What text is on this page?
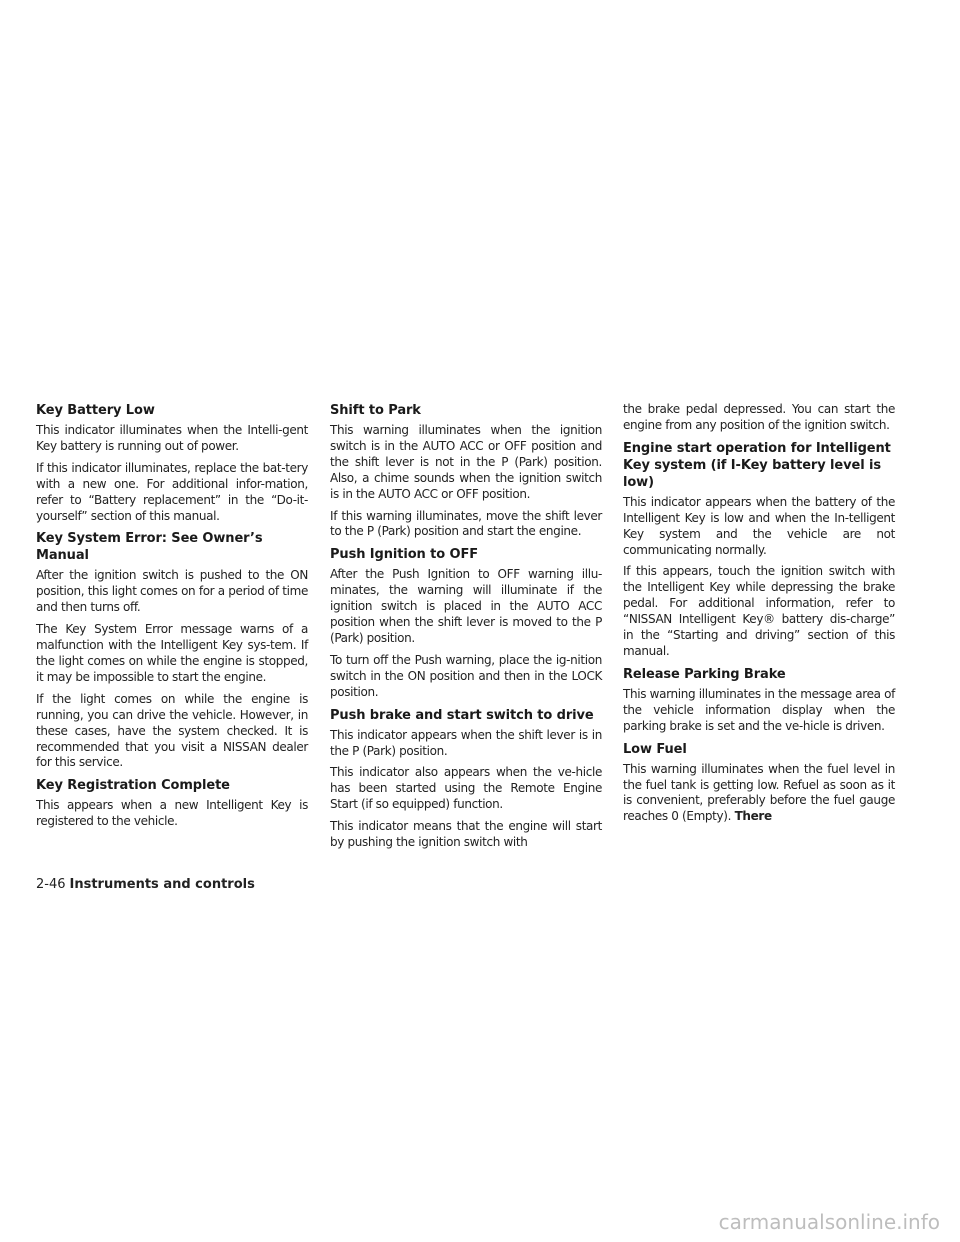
Key Battery Low

This indicator illuminates when the Intelli-gent Key battery is running out of power.

If this indicator illuminates, replace the bat-tery with a new one. For additional infor-mation, refer to “Battery replacement” in the “Do-it-yourself” section of this manual.

Key System Error: See Owner’s Manual

After the ignition switch is pushed to the ON position, this light comes on for a period of time and then turns off.

The Key System Error message warns of a malfunction with the Intelligent Key sys-tem. If the light comes on while the engine is stopped, it may be impossible to start the engine.

If the light comes on while the engine is running, you can drive the vehicle. However, in these cases, have the system checked. It is recommended that you visit a NISSAN dealer for this service.

Key Registration Complete

This appears when a new Intelligent Key is registered to the vehicle.

Shift to Park

This warning illuminates when the ignition switch is in the AUTO ACC or OFF position and the shift lever is not in the P (Park) position. Also, a chime sounds when the ignition switch is in the AUTO ACC or OFF position.

If this warning illuminates, move the shift lever to the P (Park) position and start the engine.

Push Ignition to OFF

After the Push Ignition to OFF warning illu-minates, the warning will illuminate if the ignition switch is placed in the AUTO ACC position when the shift lever is moved to the P (Park) position.

To turn off the Push warning, place the ig-nition switch in the ON position and then in the LOCK position.

Push brake and start switch to drive

This indicator appears when the shift lever is in the P (Park) position.

This indicator also appears when the ve-hicle has been started using the Remote Engine Start (if so equipped) function.

This indicator means that the engine will start by pushing the ignition switch with

the brake pedal depressed. You can start the engine from any position of the ignition switch.

Engine start operation for Intelligent Key system (if I-Key battery level is low)

This indicator appears when the battery of the Intelligent Key is low and when the In-telligent Key system and the vehicle are not communicating normally.

If this appears, touch the ignition switch with the Intelligent Key while depressing the brake pedal. For additional information, refer to “NISSAN Intelligent Key® battery dis-charge” in the “Starting and driving” section of this manual.

Release Parking Brake

This warning illuminates in the message area of the vehicle information display when the parking brake is set and the ve-hicle is driven.

Low Fuel

This warning illuminates when the fuel level in the fuel tank is getting low. Refuel as soon as it is convenient, preferably before the fuel gauge reaches 0 (Empty). There

2-46 Instruments and controls
carmanualsonline.info
